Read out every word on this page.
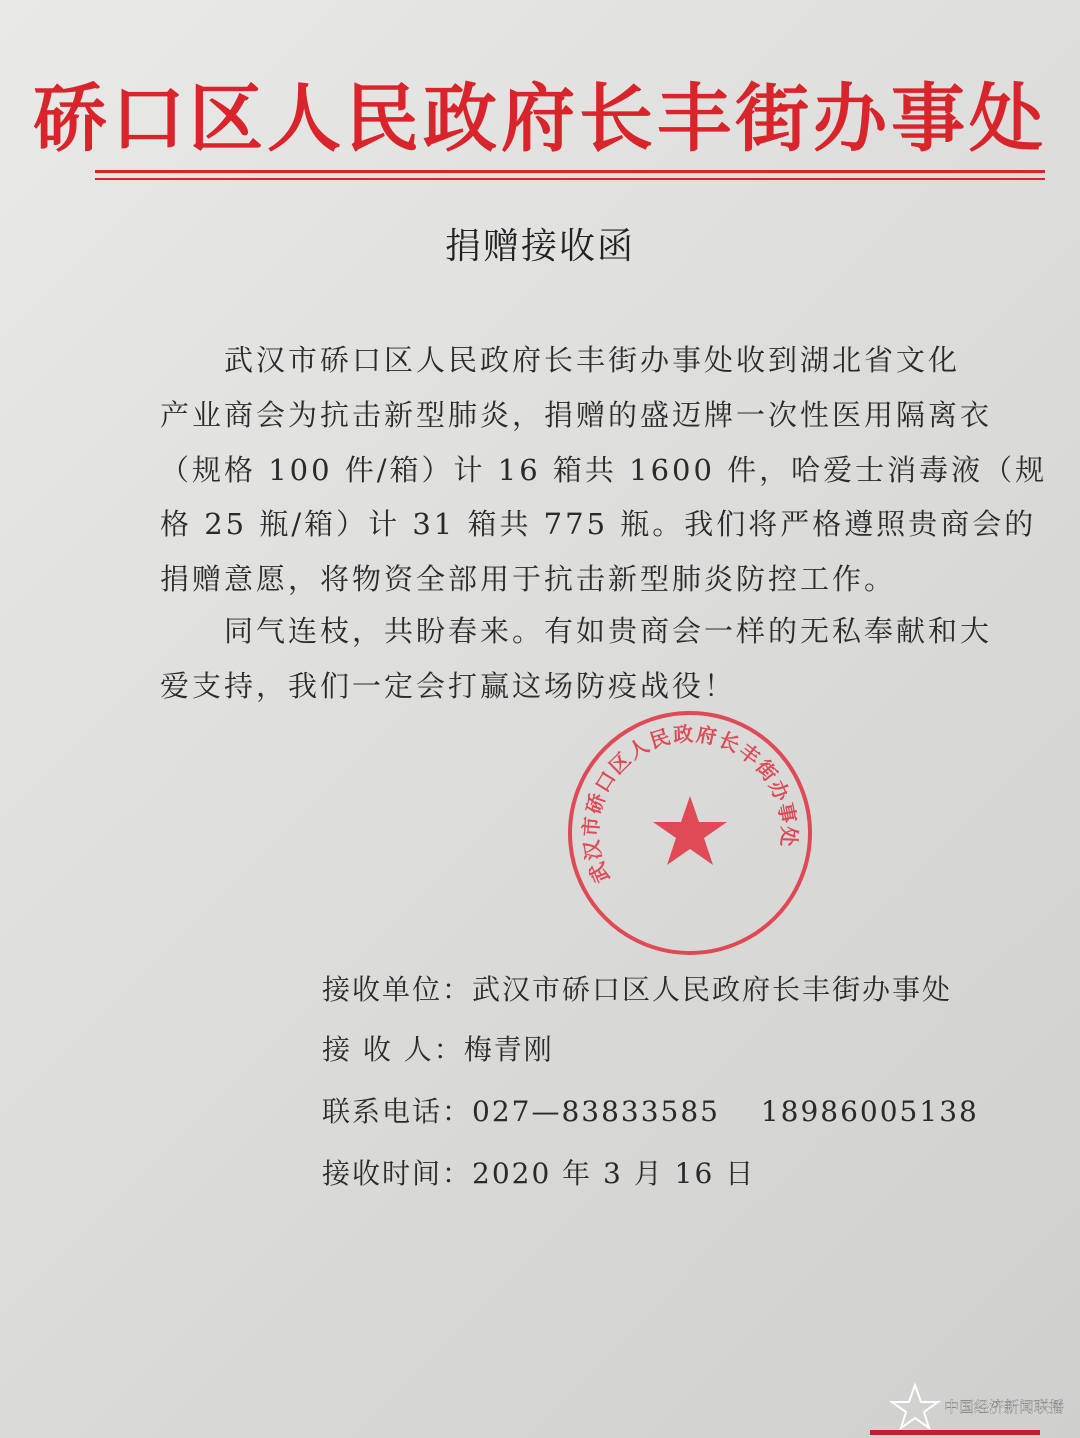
硚口区人民政府长丰街办事处
捐赠接收函
　　武汉市硚口区人民政府长丰街办事处收到湖北省文化
产业商会为抗击新型肺炎，捐赠的盛迈牌一次性医用隔离衣
（规格 100 件/箱）计 16 箱共 1600 件，哈爱士消毒液（规
格 25 瓶/箱）计 31 箱共 775 瓶。我们将严格遵照贵商会的
捐赠意愿，将物资全部用于抗击新型肺炎防控工作。
　　同气连枝，共盼春来。有如贵商会一样的无私奉献和大
爱支持，我们一定会打赢这场防疫战役！
武汉市硚口区人民政府长丰街办事处
接收单位：武汉市硚口区人民政府长丰街办事处
接 收 人：梅青刚
联系电话：027—83833585　 18986005138
接收时间：2020 年 3 月 16 日
中国经济新闻联播
